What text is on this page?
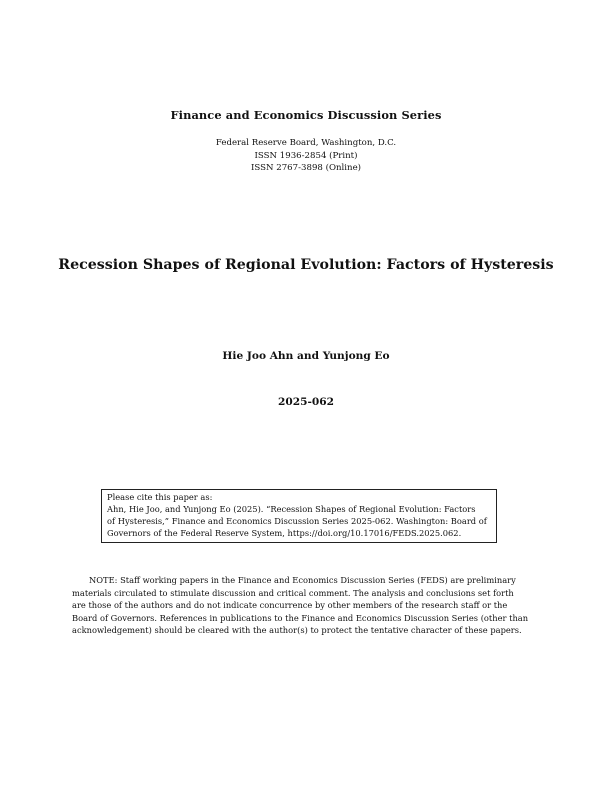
Finance and Economics Discussion Series
Federal Reserve Board, Washington, D.C.
ISSN 1936-2854 (Print)
ISSN 2767-3898 (Online)
Recession Shapes of Regional Evolution: Factors of Hysteresis
Hie Joo Ahn and Yunjong Eo
2025-062
Please cite this paper as:
Ahn, Hie Joo, and Yunjong Eo (2025). “Recession Shapes of Regional Evolution: Factors
of Hysteresis,” Finance and Economics Discussion Series 2025-062. Washington: Board of
Governors of the Federal Reserve System, https://doi.org/10.17016/FEDS.2025.062.
NOTE: Staff working papers in the Finance and Economics Discussion Series (FEDS) are preliminary
materials circulated to stimulate discussion and critical comment. The analysis and conclusions set forth
are those of the authors and do not indicate concurrence by other members of the research staff or the
Board of Governors. References in publications to the Finance and Economics Discussion Series (other than
acknowledgement) should be cleared with the author(s) to protect the tentative character of these papers.
